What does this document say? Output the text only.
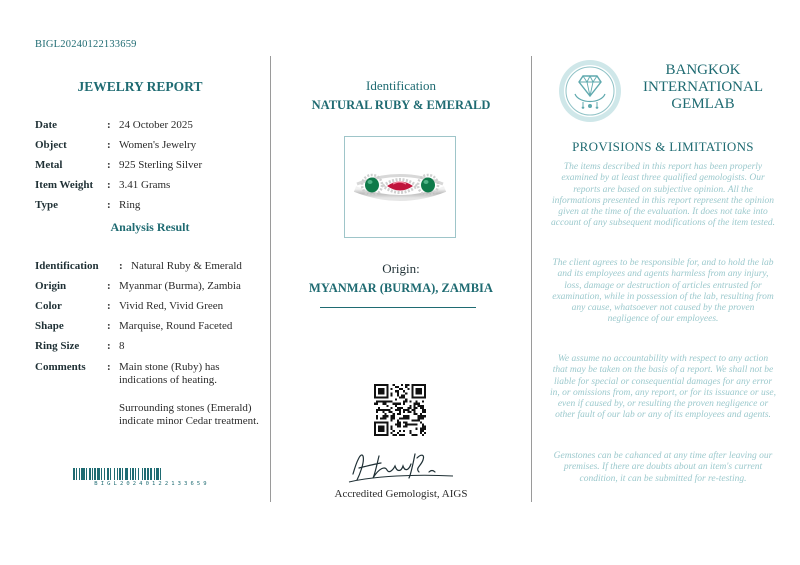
BIGL20240122133659
JEWELRY REPORT
Date	: 24 October 2025
Object	: Women's Jewelry
Metal	: 925 Sterling Silver
Item Weight	: 3.41 Grams
Type	: Ring
Analysis Result
Identification	: Natural Ruby & Emerald
Origin	: Myanmar (Burma), Zambia
Color	: Vivid Red, Vivid Green
Shape	: Marquise, Round Faceted
Ring Size	: 8
Comments	: Main stone (Ruby) has indications of heating.
Surrounding stones (Emerald) indicate minor Cedar treatment.
BIGL20240122133659
Identification
NATURAL RUBY & EMERALD
Origin:
MYANMAR (BURMA), ZAMBIA
Accredited Gemologist, AIGS
BANGKOK
INTERNATIONAL
GEMLAB
PROVISIONS & LIMITATIONS

The items described in this report has been properly examined by at least three qualified gemologists. Our reports are based on subjective opinion. All the informations presented in this report represent the opinion given at the time of the evaluation. It does not take into account of any subsequent modifications of the item tested.

The client agrees to be responsible for, and to hold the lab and its employees and agents harmless from any injury, loss, damage or destruction of articles entrusted for examination, while in possession of the lab, resulting from any cause, whatsoever not caused by the proven negligence of our employees.

We assume no accountability with respect to any action that may be taken on the basis of a report. We shall not be liable for special or consequential damages for any error in, or omissions from, any report, or for its issuance or use, even if caused by, or resulting the proven negligence or other fault of our lab or any of its employees and agents.

Gemstones can be cahanced at any time after leaving our premises. If there are doubts about an item's current condition, it can be submitted for re-testing.
